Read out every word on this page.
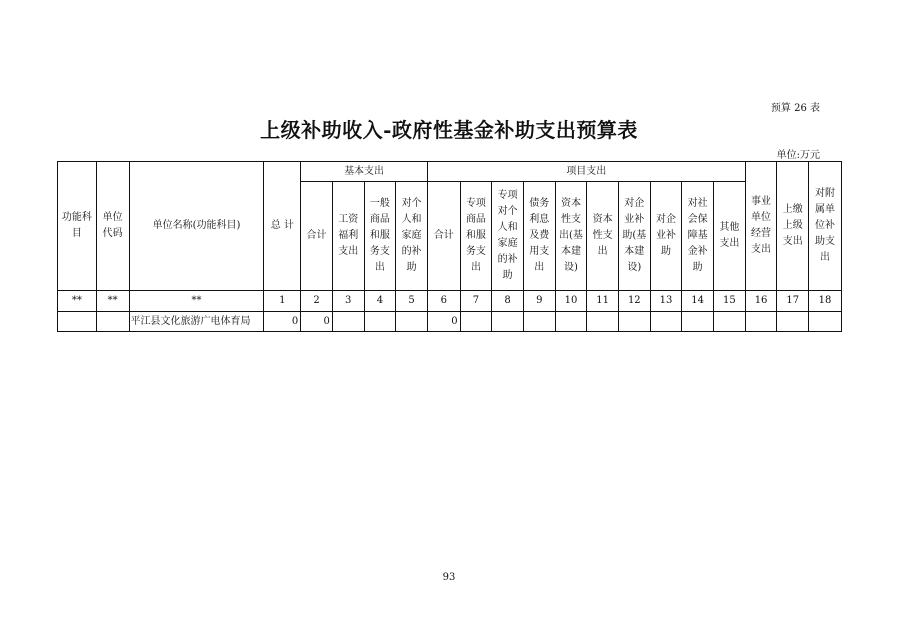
预算 26 表
上级补助收入-政府性基金补助支出预算表
单位:万元
功能科目	单位代码	单位名称(功能科目)	总 计	基本支出				项目支出										事业单位经营支出	上缴上级支出	对附属单位补助支出
				合计	工资福利支出	一般商品和服务支出	对个人和家庭的补助	合计	专项商品和服务支出	专项对个人和家庭的补助	债务利息及费用支出	资本性支出(基本建设)	资本性支出	对企业补助(基本建设)	对企业补助	对社会保障基金补助	其他支出			
**	**	**	1	2	3	4	5	6	7	8	9	10	11	12	13	14	15	16	17	18
		平江县文化旅游广电体育局	0	0				0												
93
